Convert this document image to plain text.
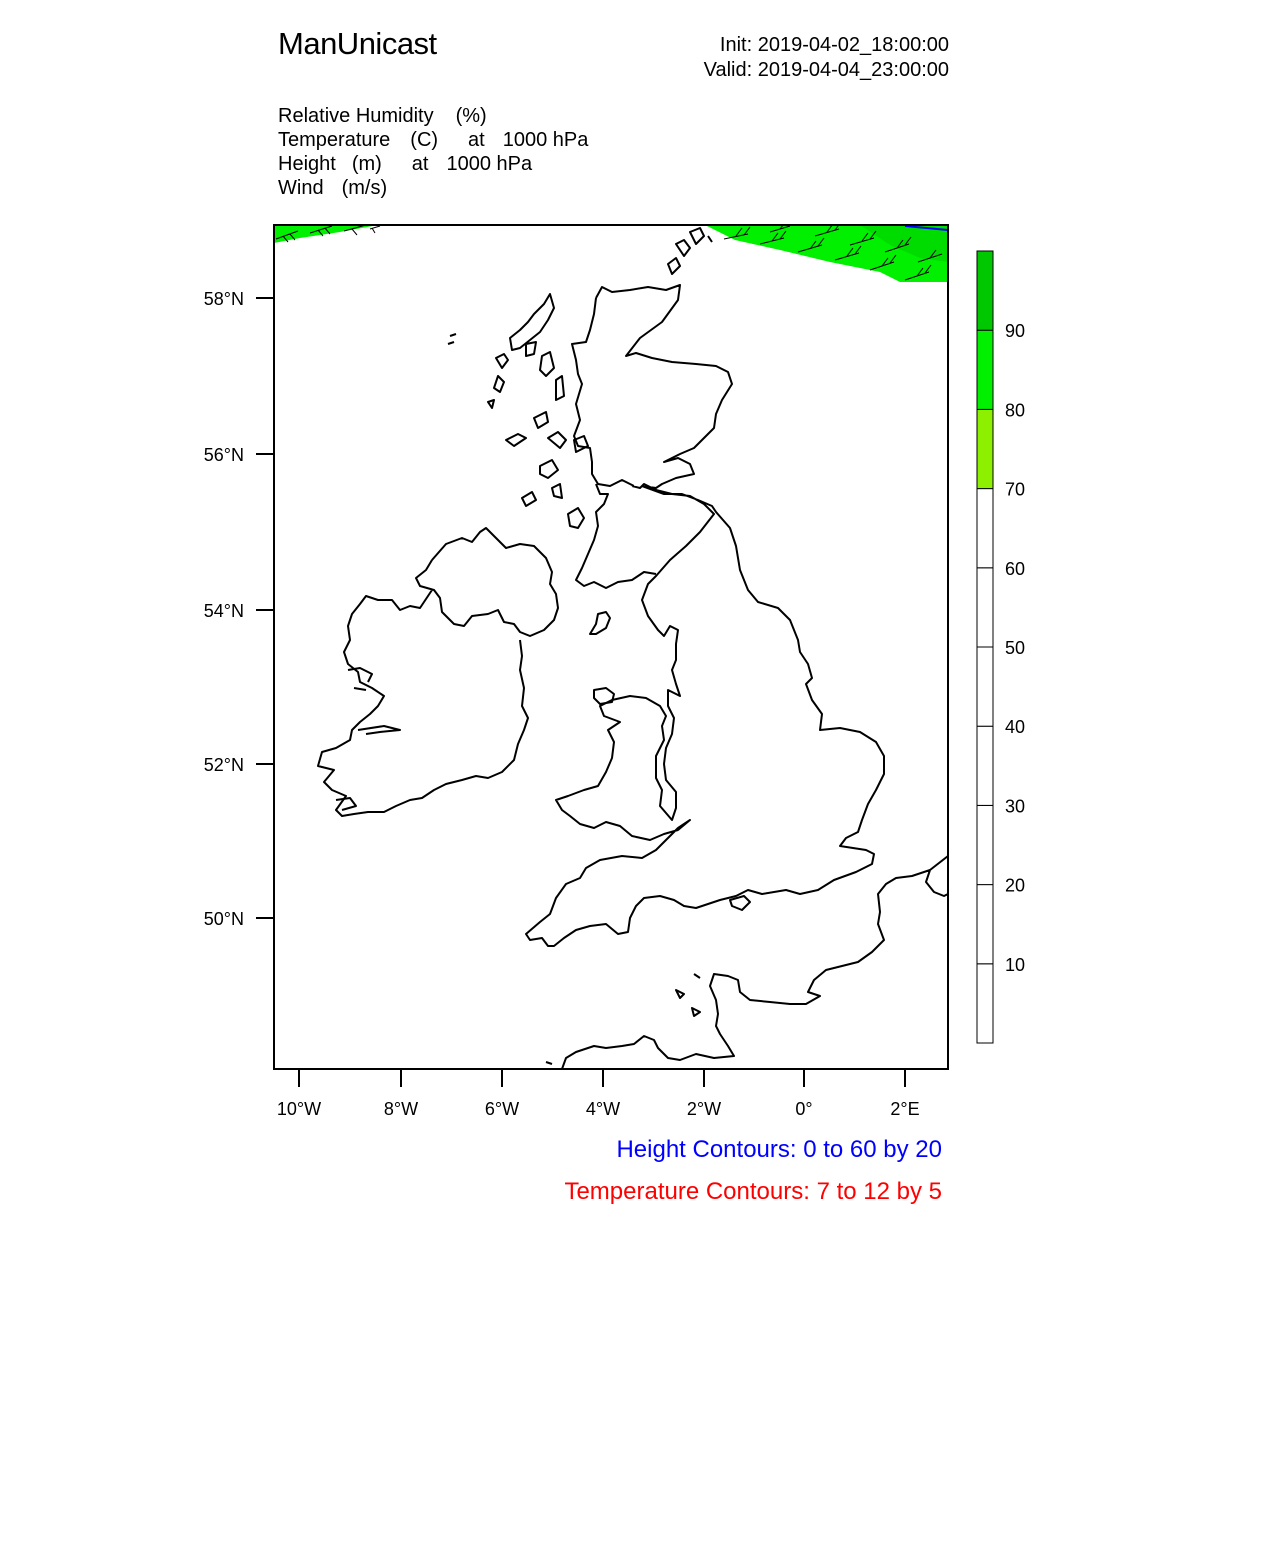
ManUnicast	Init: 2019-04-02_18:00:00
Valid: 2019-04-04_23:00:00
Relative Humidity (%)
Temperature (C) at 1000 hPa
Height (m) at 1000 hPa
Wind (m/s)
58°N
56°N
54°N
52°N
50°N
10°W	8°W	6°W	4°W	2°W	0°	2°E
10
20
30
40
50
60
70
80
90
Height Contours: 0 to 60 by 20
Temperature Contours: 7 to 12 by 5
